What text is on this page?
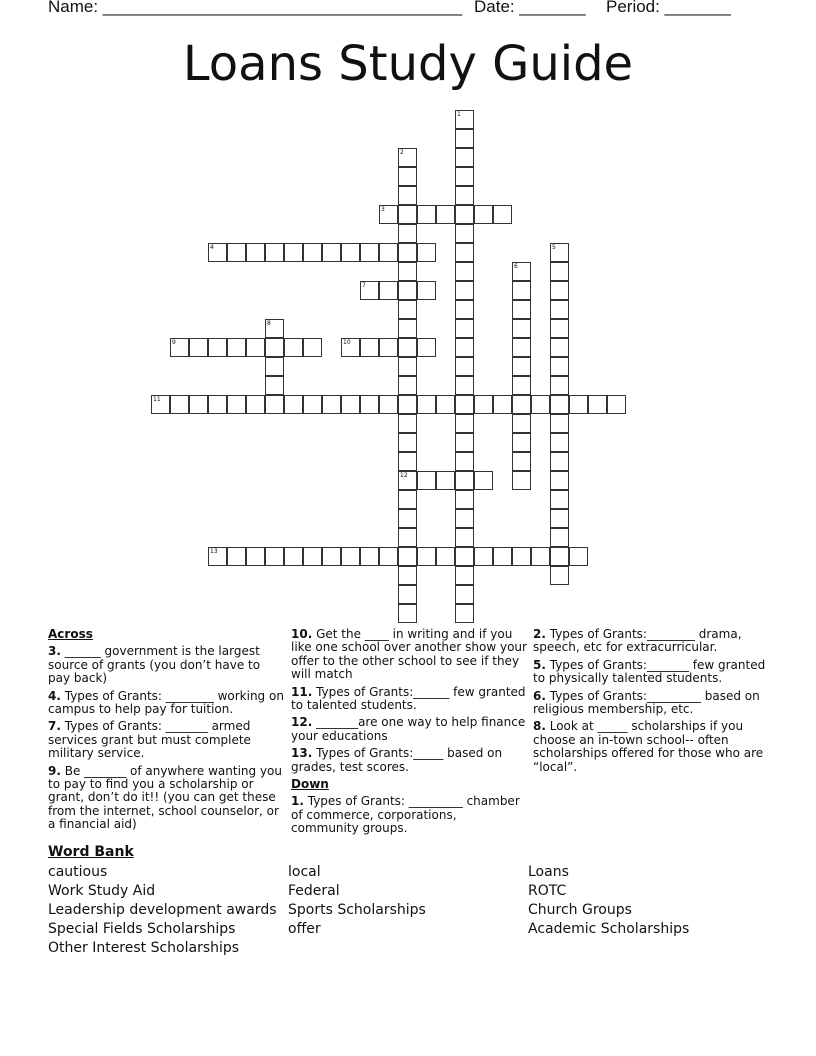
Name: ______________________________________ Date: _______ Period: _______
Loans Study Guide
1
2
12
3
4	5
6
7
8
9	10
11
13
Across
3. ______ government is the largest source of grants (you don’t have to pay back)
4. Types of Grants: ________ working on campus to help pay for tuition.
7. Types of Grants: _______ armed services grant but must complete military service.
9. Be _______ of anywhere wanting you to pay to find you a scholarship or grant, don’t do it!! (you can get these from the internet, school counselor, or a financial aid)
10. Get the ____ in writing and if you like one school over another show your offer to the other school to see if they will match
11. Types of Grants:______ few granted to talented students.
12. _______are one way to help finance your educations
13. Types of Grants:_____ based on grades, test scores.
Down
1. Types of Grants: _________ chamber of commerce, corporations, community groups.
2. Types of Grants:________ drama, speech, etc for extracurricular.
5. Types of Grants:_______ few granted to physically talented students.
6. Types of Grants:_________ based on religious membership, etc.
8. Look at _____ scholarships if you choose an in-town school-- often scholarships offered for those who are “local”.
Word Bank
cautious
Work Study Aid
Leadership development awards
Special Fields Scholarships
Other Interest Scholarships
local
Federal
Sports Scholarships
offer
Loans
ROTC
Church Groups
Academic Scholarships
